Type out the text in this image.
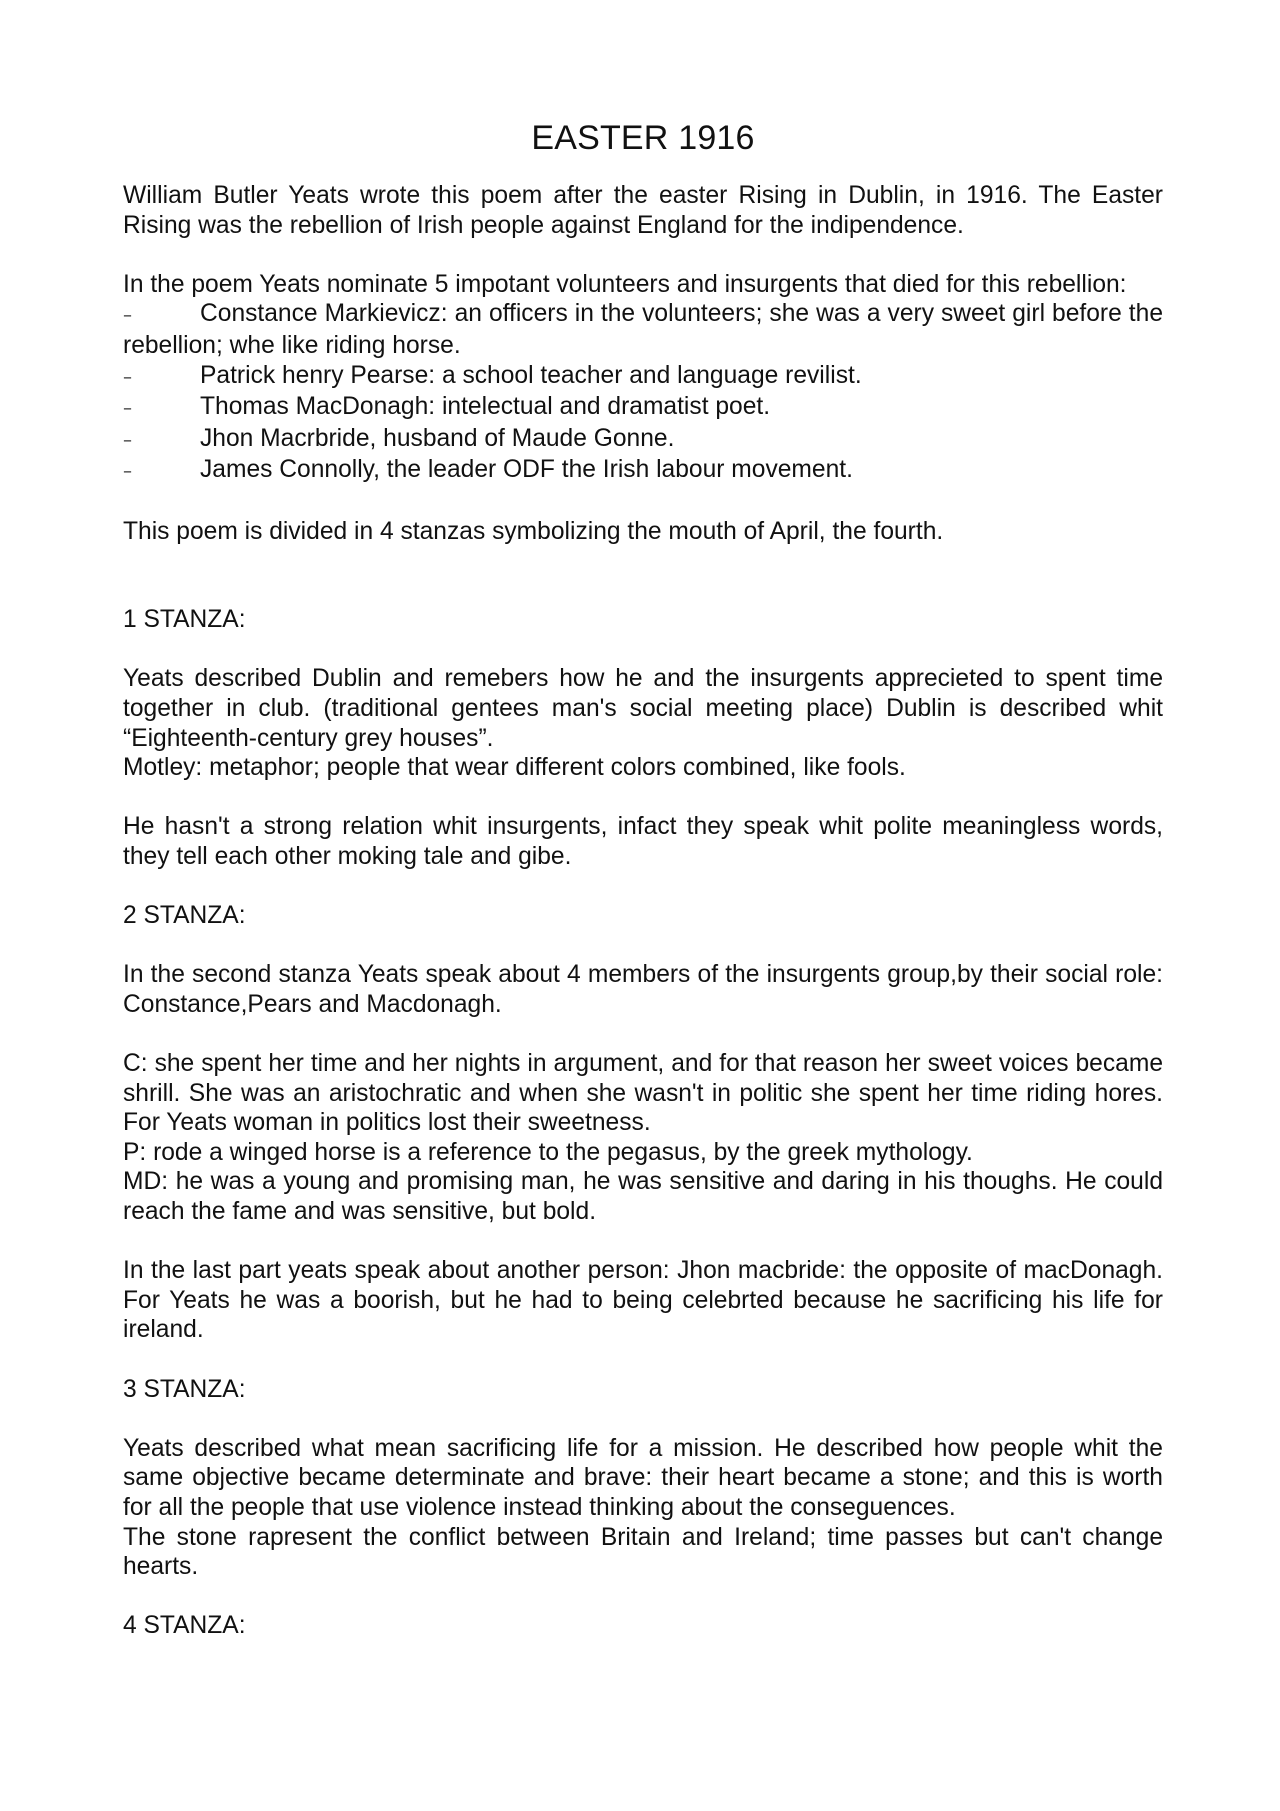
EASTER 1916

William Butler Yeats wrote this poem after the easter Rising in Dublin, in 1916. The Easter Rising was the rebellion of Irish people against England for the indipendence.

In the poem Yeats nominate 5 impotant volunteers and insurgents that died for this rebellion:

–	Constance Markievicz: an officers in the volunteers; she was a very sweet girl before the rebellion; whe like riding horse.
–	Patrick henry Pearse: a school teacher and language revilist.
–	Thomas MacDonagh: intelectual and dramatist poet.
–	Jhon Macrbride, husband of Maude Gonne.
–	James Connolly, the leader ODF the Irish labour movement.

This poem is divided in 4 stanzas symbolizing the mouth of April, the fourth.

1 STANZA:

Yeats described Dublin and remebers how he and the insurgents apprecieted to spent time together in club. (traditional gentees man's social meeting place) Dublin is described whit “Eighteenth-century grey houses”.

Motley: metaphor; people that wear different colors combined, like fools.

He hasn't a strong relation whit insurgents, infact they speak whit polite meaningless words, they tell each other moking tale and gibe.

2 STANZA:

In the second stanza Yeats speak about 4 members of the insurgents group,by their social role: Constance,Pears and Macdonagh.

C: she spent her time and her nights in argument, and for that reason her sweet voices became shrill. She was an aristochratic and when she wasn't in politic she spent her time riding hores. For Yeats woman in politics lost their sweetness.

P: rode a winged horse is a reference to the pegasus, by the greek mythology.

MD: he was a young and promising man, he was sensitive and daring in his thoughs. He could reach the fame and was sensitive, but bold.

In the last part yeats speak about another person: Jhon macbride: the opposite of macDonagh. For Yeats he was a boorish, but he had to being celebrted because he sacrificing his life for ireland.

3 STANZA:

Yeats described what mean sacrificing life for a mission. He described how people whit the same objective became determinate and brave: their heart became a stone; and this is worth for all the people that use violence instead thinking about the conseguences.

The stone rapresent the conflict between Britain and Ireland; time passes but can't change hearts.

4 STANZA:
